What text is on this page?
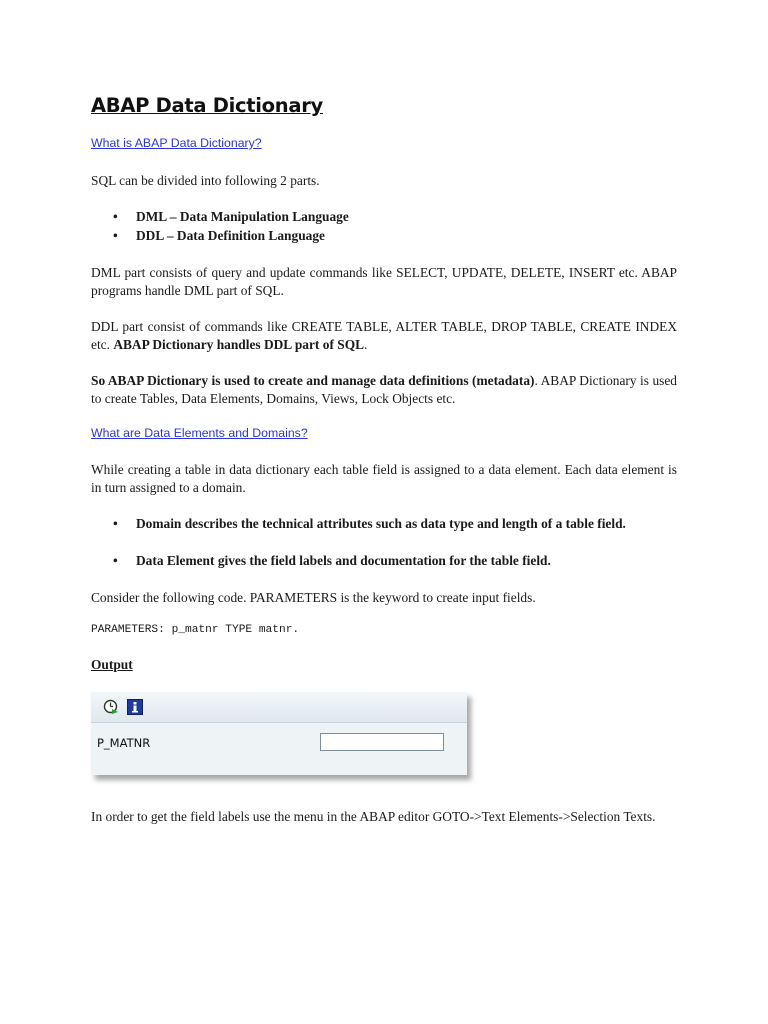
ABAP Data Dictionary
What is ABAP Data Dictionary?
SQL can be divided into following 2 parts.
• DML – Data Manipulation Language
• DDL – Data Definition Language
DML part consists of query and update commands like SELECT, UPDATE, DELETE, INSERT etc. ABAP programs handle DML part of SQL.
DDL part consist of commands like CREATE TABLE, ALTER TABLE, DROP TABLE, CREATE INDEX etc. ABAP Dictionary handles DDL part of SQL.
So ABAP Dictionary is used to create and manage data definitions (metadata). ABAP Dictionary is used to create Tables, Data Elements, Domains, Views, Lock Objects etc.
What are Data Elements and Domains?
While creating a table in data dictionary each table field is assigned to a data element. Each data element is in turn assigned to a domain.
• Domain describes the technical attributes such as data type and length of a table field.
• Data Element gives the field labels and documentation for the table field.
Consider the following code. PARAMETERS is the keyword to create input fields.
PARAMETERS: p_matnr TYPE matnr.
Output
P_MATNR
In order to get the field labels use the menu in the ABAP editor GOTO->Text Elements->Selection Texts.
